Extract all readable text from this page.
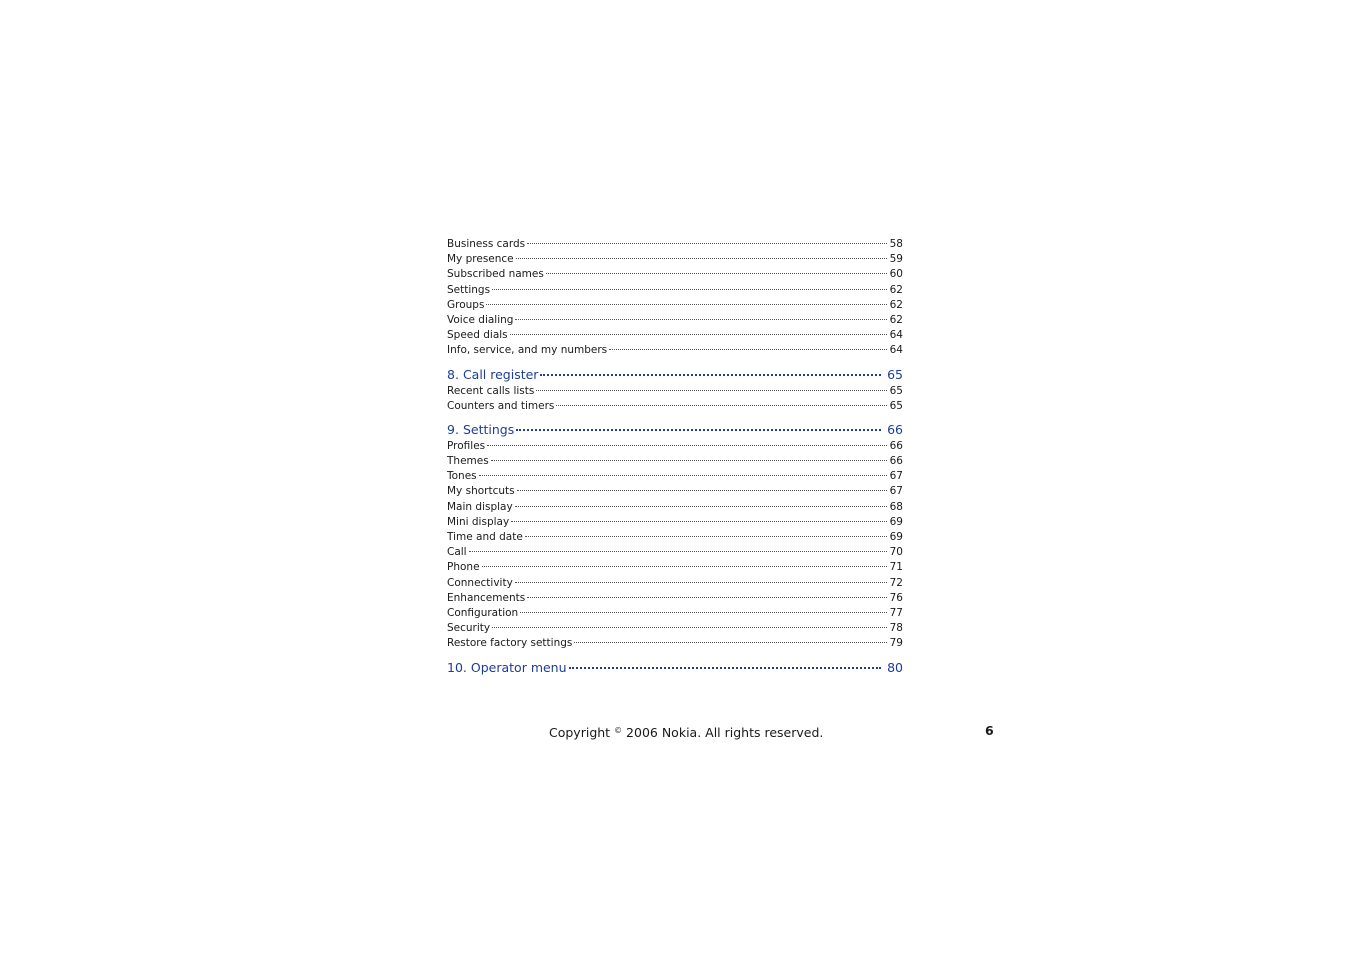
Business cards	58
My presence	59
Subscribed names	60
Settings	62
Groups	62
Voice dialing	62
Speed dials	64
Info, service, and my numbers	64
8. Call register	65
Recent calls lists	65
Counters and timers	65
9. Settings	66
Profiles	66
Themes	66
Tones	67
My shortcuts	67
Main display	68
Mini display	69
Time and date	69
Call	70
Phone	71
Connectivity	72
Enhancements	76
Configuration	77
Security	78
Restore factory settings	79
10. Operator menu	80
Copyright © 2006 Nokia. All rights reserved.	6
